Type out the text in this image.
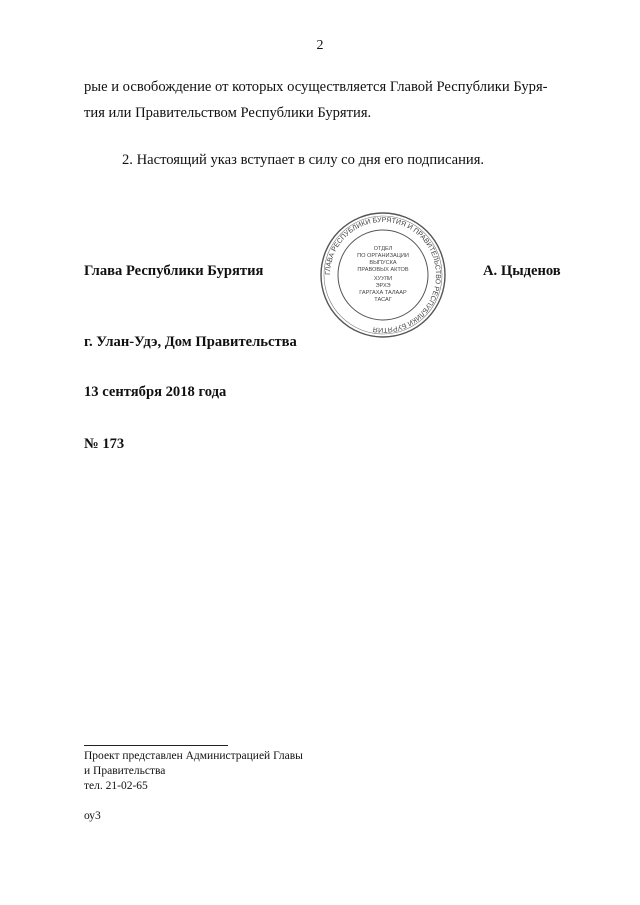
2
рые и освобождение от которых осуществляется Главой Республики Буря-
тия или Правительством Республики Бурятия.
2. Настоящий указ вступает в силу со дня его подписания.
Глава Республики Бурятия	А. Цыденов
ГЛАВА РЕСПУБЛИКИ БУРЯТИЯ И ПРАВИТЕЛЬСТВО РЕСПУБЛИКИ БУРЯТИЯ
ОТДЕЛ
ПО ОРГАНИЗАЦИИ
ВЫПУСКА
ПРАВОВЫХ АКТОВ
ХУУЛИ
ЭРХЭ
ГАРГАХА ТАЛААР
ТАСАГ
г. Улан-Удэ, Дом Правительства
13 сентября 2018 года
№ 173
Проект представлен Администрацией Главы
и Правительства
тел. 21-02-65
оу3
